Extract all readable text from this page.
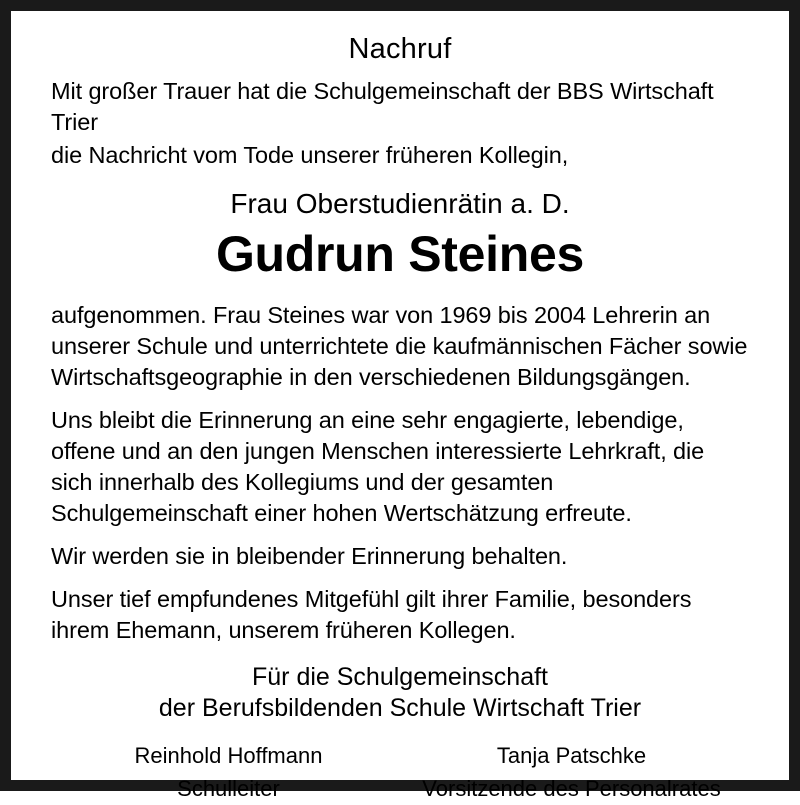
Nachruf
Mit großer Trauer hat die Schulgemeinschaft der BBS Wirtschaft Trier
die Nachricht vom Tode unserer früheren Kollegin,
Frau Oberstudienrätin a. D.
Gudrun Steines
aufgenommen. Frau Steines war von 1969 bis 2004 Lehrerin an unserer Schule und unterrichtete die kaufmännischen Fächer sowie Wirtschaftsgeographie in den verschiedenen Bildungsgängen.
Uns bleibt die Erinnerung an eine sehr engagierte, lebendige, offene und an den jungen Menschen interessierte Lehrkraft, die sich innerhalb des Kollegiums und der gesamten Schulgemeinschaft einer hohen Wertschätzung erfreute.
Wir werden sie in bleibender Erinnerung behalten.
Unser tief empfundenes Mitgefühl gilt ihrer Familie, besonders ihrem Ehemann, unserem früheren Kollegen.
Für die Schulgemeinschaft
der Berufsbildenden Schule Wirtschaft Trier
Reinhold Hoffmann
Schulleiter
Tanja Patschke
Vorsitzende des Personalrates
